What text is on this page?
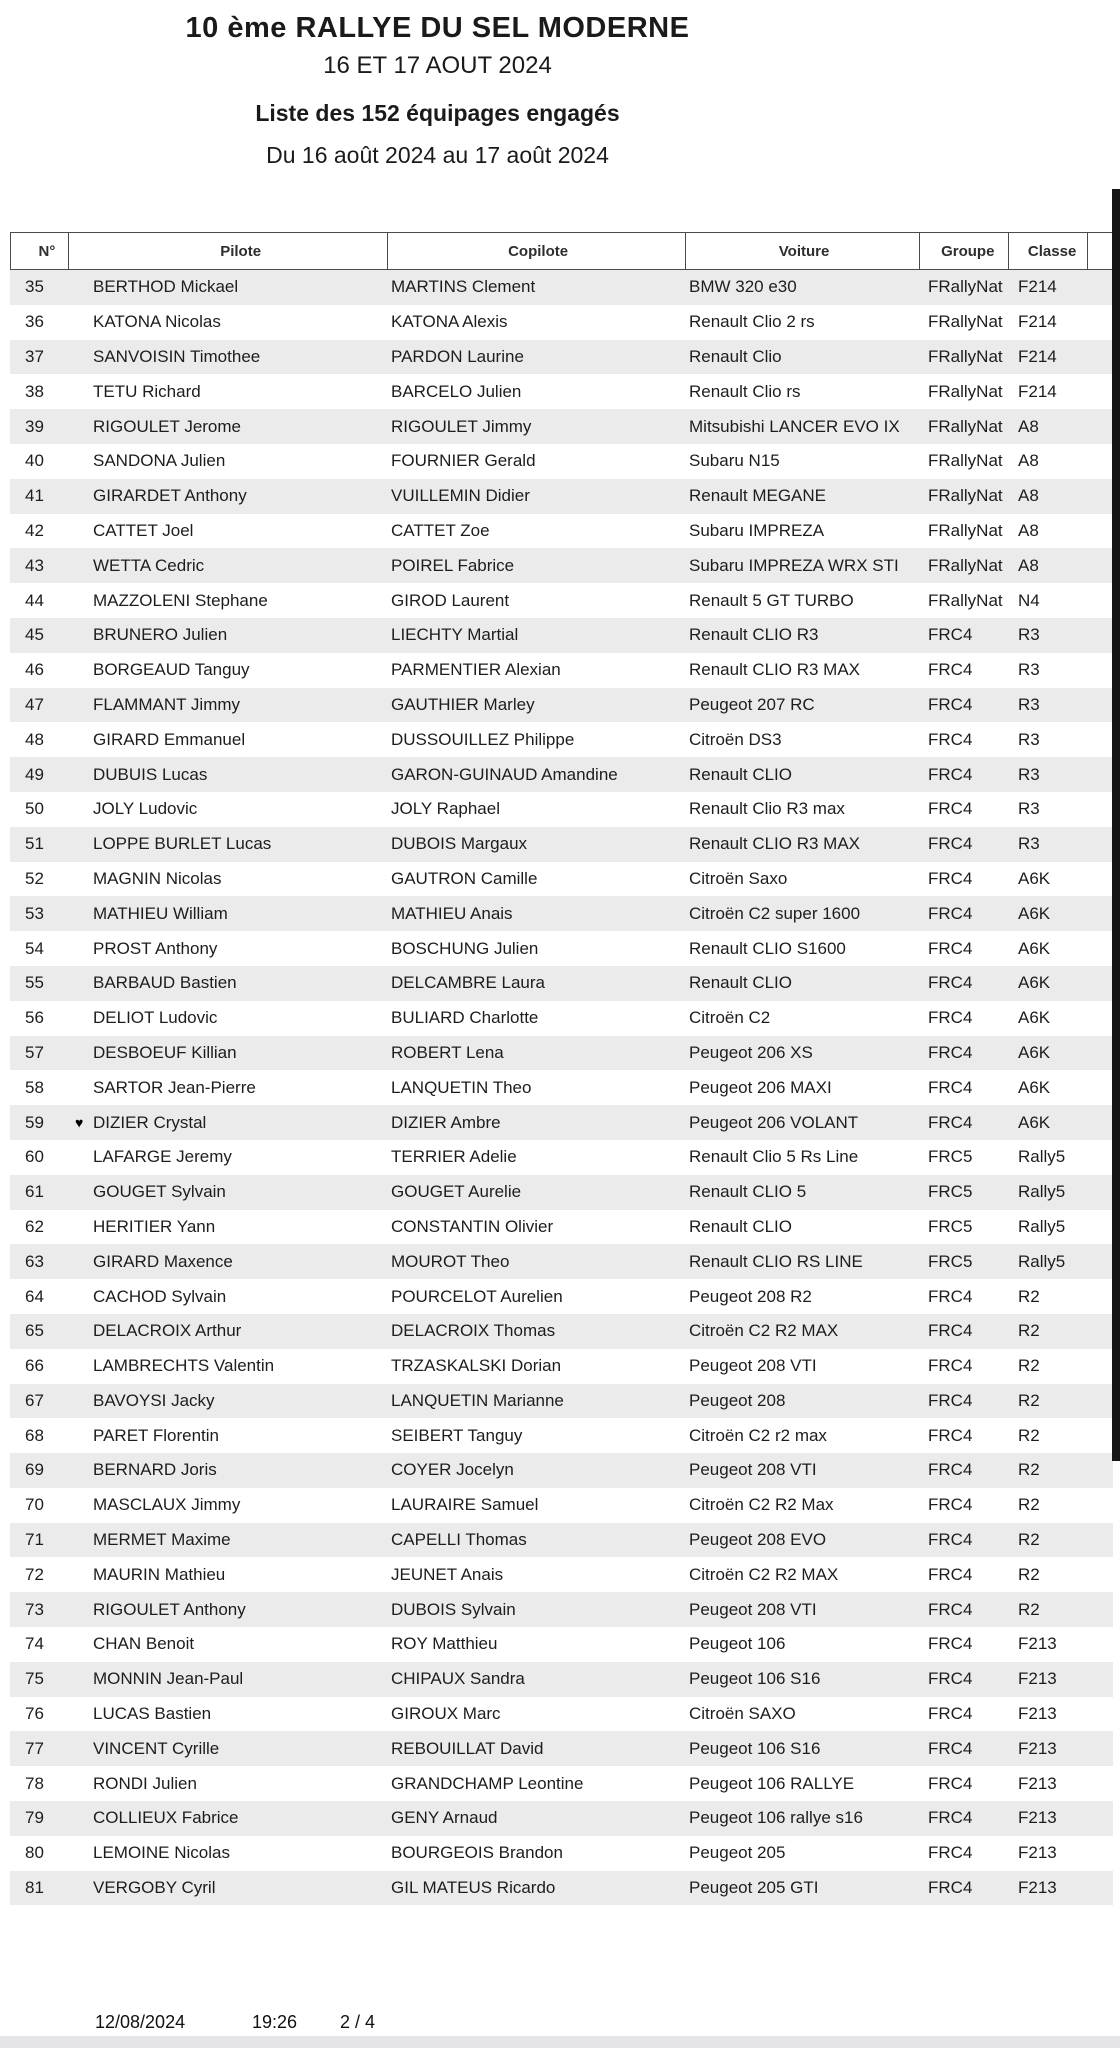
10 ème RALLYE DU SEL MODERNE
16 ET 17 AOUT 2024
Liste des 152 équipages engagés
Du 16 août 2024 au 17 août 2024
N°	Pilote	Copilote	Voiture	Groupe	Classe
35	BERTHOD Mickael	MARTINS Clement	BMW 320 e30	FRallyNat F214
36	KATONA Nicolas	KATONA Alexis	Renault Clio 2 rs	FRallyNat F214
37	SANVOISIN Timothee	PARDON Laurine	Renault Clio	FRallyNat F214
38	TETU Richard	BARCELO Julien	Renault Clio rs	FRallyNat F214
39	RIGOULET Jerome	RIGOULET Jimmy	Mitsubishi LANCER EVO IX	FRallyNat A8
40	SANDONA Julien	FOURNIER Gerald	Subaru N15	FRallyNat A8
41	GIRARDET Anthony	VUILLEMIN Didier	Renault MEGANE	FRallyNat A8
42	CATTET Joel	CATTET Zoe	Subaru IMPREZA	FRallyNat A8
43	WETTA Cedric	POIREL Fabrice	Subaru IMPREZA WRX STI	FRallyNat A8
44	MAZZOLENI Stephane	GIROD Laurent	Renault 5 GT TURBO	FRallyNat N4
45	BRUNERO Julien	LIECHTY Martial	Renault CLIO R3	FRC4	R3
46	BORGEAUD Tanguy	PARMENTIER Alexian	Renault CLIO R3 MAX	FRC4	R3
47	FLAMMANT Jimmy	GAUTHIER Marley	Peugeot 207 RC	FRC4	R3
48	GIRARD Emmanuel	DUSSOUILLEZ Philippe	Citroën DS3	FRC4	R3
49	DUBUIS Lucas	GARON-GUINAUD Amandine	Renault CLIO	FRC4	R3
50	JOLY Ludovic	JOLY Raphael	Renault Clio R3 max	FRC4	R3
51	LOPPE BURLET Lucas	DUBOIS Margaux	Renault CLIO R3 MAX	FRC4	R3
52	MAGNIN Nicolas	GAUTRON Camille	Citroën Saxo	FRC4	A6K
53	MATHIEU William	MATHIEU Anais	Citroën C2 super 1600	FRC4	A6K
54	PROST Anthony	BOSCHUNG Julien	Renault CLIO S1600	FRC4	A6K
55	BARBAUD Bastien	DELCAMBRE Laura	Renault CLIO	FRC4	A6K
56	DELIOT Ludovic	BULIARD Charlotte	Citroën C2	FRC4	A6K
57	DESBOEUF Killian	ROBERT Lena	Peugeot 206 XS	FRC4	A6K
58	SARTOR Jean-Pierre	LANQUETIN Theo	Peugeot 206 MAXI	FRC4	A6K
59	♥ DIZIER Crystal	DIZIER Ambre	Peugeot 206 VOLANT	FRC4	A6K
60	LAFARGE Jeremy	TERRIER Adelie	Renault Clio 5 Rs Line	FRC5	Rally5
61	GOUGET Sylvain	GOUGET Aurelie	Renault CLIO 5	FRC5	Rally5
62	HERITIER Yann	CONSTANTIN Olivier	Renault CLIO	FRC5	Rally5
63	GIRARD Maxence	MOUROT Theo	Renault CLIO RS LINE	FRC5	Rally5
64	CACHOD Sylvain	POURCELOT Aurelien	Peugeot 208 R2	FRC4	R2
65	DELACROIX Arthur	DELACROIX Thomas	Citroën C2 R2 MAX	FRC4	R2
66	LAMBRECHTS Valentin	TRZASKALSKI Dorian	Peugeot 208 VTI	FRC4	R2
67	BAVOYSI Jacky	LANQUETIN Marianne	Peugeot 208	FRC4	R2
68	PARET Florentin	SEIBERT Tanguy	Citroën C2 r2 max	FRC4	R2
69	BERNARD Joris	COYER Jocelyn	Peugeot 208 VTI	FRC4	R2
70	MASCLAUX Jimmy	LAURAIRE Samuel	Citroën C2 R2 Max	FRC4	R2
71	MERMET Maxime	CAPELLI Thomas	Peugeot 208 EVO	FRC4	R2
72	MAURIN Mathieu	JEUNET Anais	Citroën C2 R2 MAX	FRC4	R2
73	RIGOULET Anthony	DUBOIS Sylvain	Peugeot 208 VTI	FRC4	R2
74	CHAN Benoit	ROY Matthieu	Peugeot 106	FRC4	F213
75	MONNIN Jean-Paul	CHIPAUX Sandra	Peugeot 106 S16	FRC4	F213
76	LUCAS Bastien	GIROUX Marc	Citroën SAXO	FRC4	F213
77	VINCENT Cyrille	REBOUILLAT David	Peugeot 106 S16	FRC4	F213
78	RONDI Julien	GRANDCHAMP Leontine	Peugeot 106 RALLYE	FRC4	F213
79	COLLIEUX Fabrice	GENY Arnaud	Peugeot 106 rallye s16	FRC4	F213
80	LEMOINE Nicolas	BOURGEOIS Brandon	Peugeot 205	FRC4	F213
81	VERGOBY Cyril	GIL MATEUS Ricardo	Peugeot 205 GTI	FRC4	F213
12/08/2024	19:26 2 / 4
